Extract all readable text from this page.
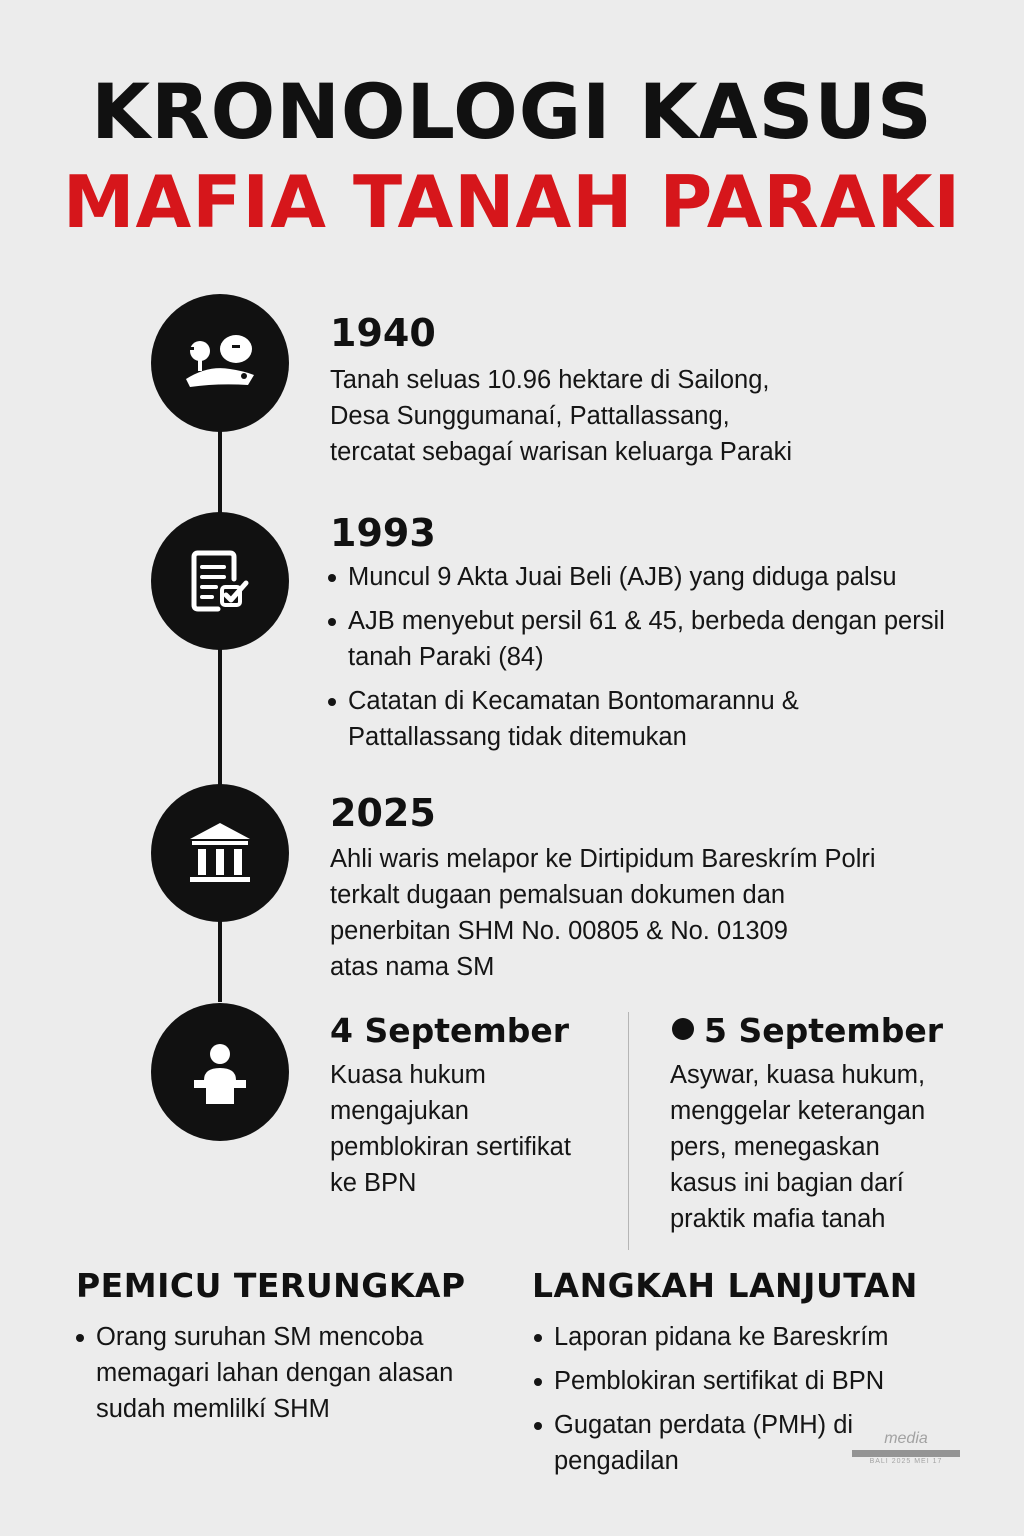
KRONOLOGI KASUS
MAFIA TANAH PARAKI

1940

Tanah seluas 10.96 hektare di Sailong,
Desa Sunggumanaí, Pattallassang,
tercatat sebagaí warisan keluarga Paraki

1993

Muncul 9 Akta Juai Beli (AJB) yang diduga palsu
AJB menyebut persil 61 & 45, berbeda dengan persil tanah Paraki (84)
Catatan di Kecamatan Bontomarannu & Pattallassang tidak ditemukan

2025

Ahli waris melapor ke Dirtipidum Bareskrím Polri
terkalt dugaan pemalsuan dokumen dan
penerbitan SHM No. 00805 & No. 01309
atas nama SM

4 September

Kuasa hukum
mengajukan
pemblokiran sertifikat
ke BPN

5 September

Asywar, kuasa hukum,
menggelar keterangan
pers, menegaskan
kasus ini bagian darí
praktik mafia tanah
PEMICU TERUNGKAP
Orang suruhan SM mencoba memagari lahan dengan alasan sudah memlilkí SHM
LANGKAH LANJUTAN
Laporan pidana ke Bareskrím
Pemblokiran sertifikat di BPN
Gugatan perdata (PMH) di pengadilan
media
BALI 2025 MEI 17
